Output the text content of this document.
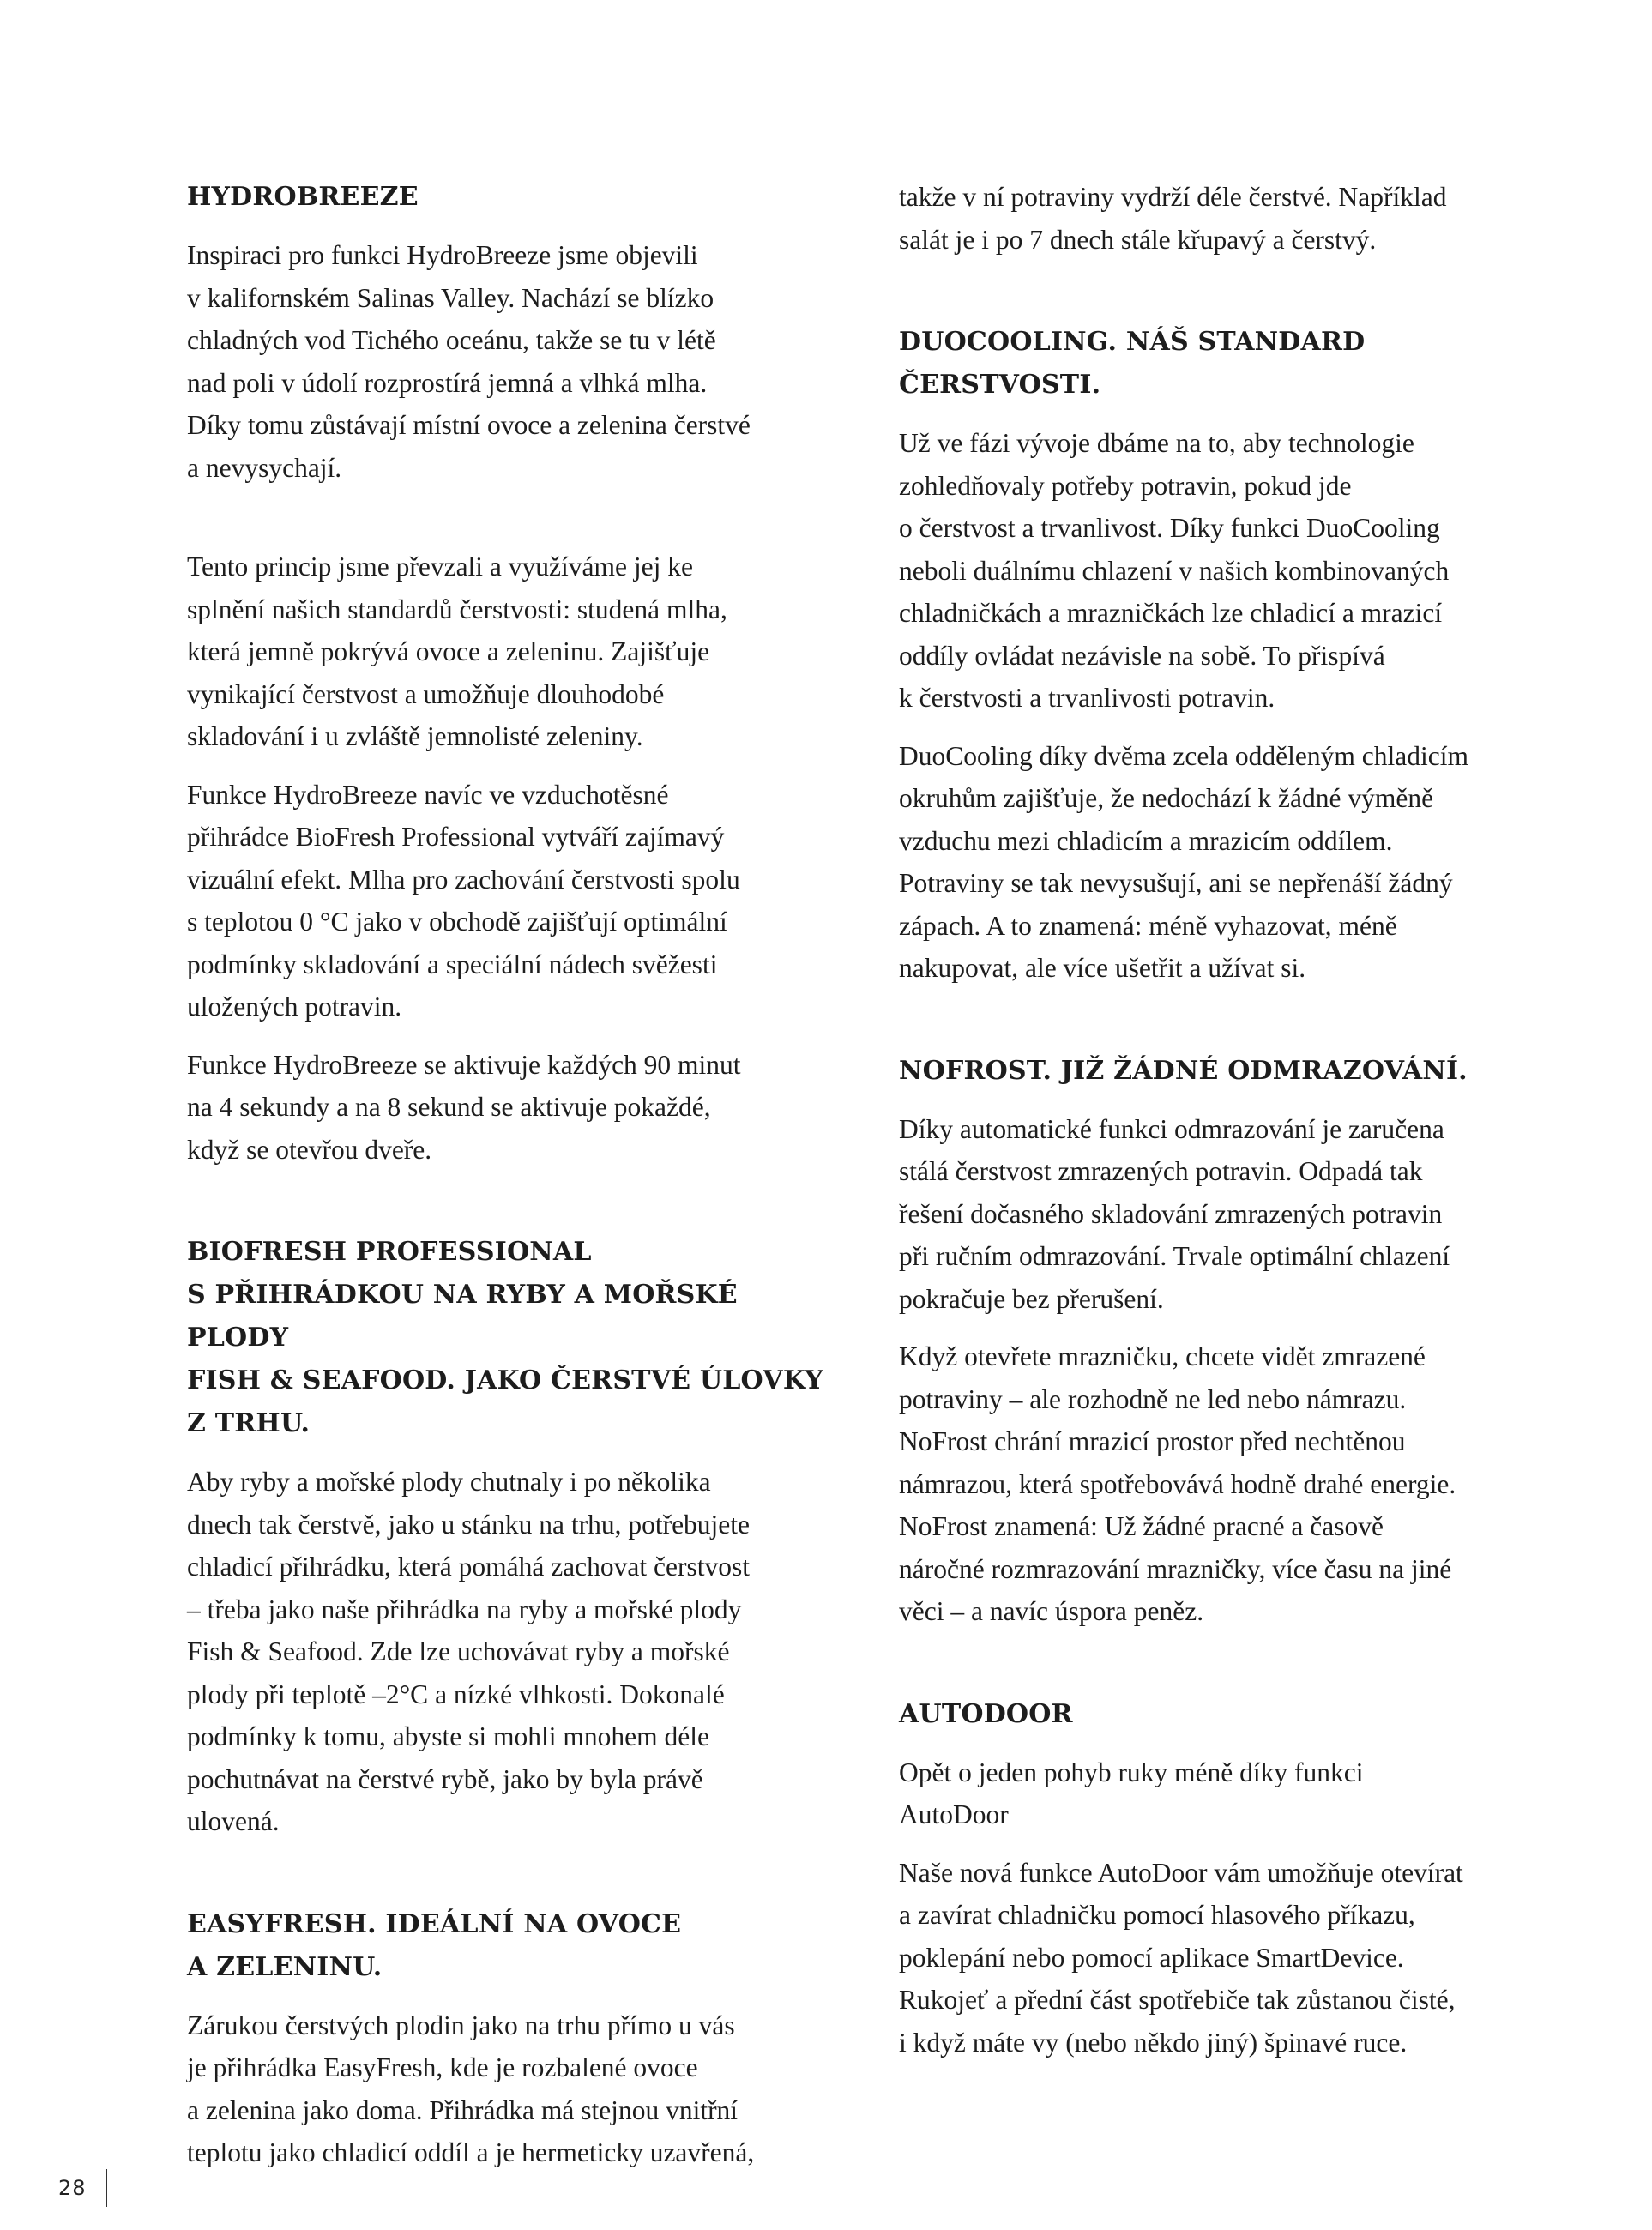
HYDROBREEZE
Inspiraci pro funkci HydroBreeze jsme objevili
v kalifornském Salinas Valley. Nachází se blízko
chladných vod Tichého oceánu, takže se tu v létě
nad poli v údolí rozprostírá jemná a vlhká mlha.
Díky tomu zůstávají místní ovoce a zelenina čerstvé
a nevysychají.
Tento princip jsme převzali a využíváme jej ke
splnění našich standardů čerstvosti: studená mlha,
která jemně pokrývá ovoce a zeleninu. Zajišťuje
vynikající čerstvost a umožňuje dlouhodobé
skladování i u zvláště jemnolisté zeleniny.
Funkce HydroBreeze navíc ve vzduchotěsné
přihrádce BioFresh Professional vytváří zajímavý
vizuální efekt. Mlha pro zachování čerstvosti spolu
s teplotou 0 °C jako v obchodě zajišťují optimální
podmínky skladování a speciální nádech svěžesti
uložených potravin.
Funkce HydroBreeze se aktivuje každých 90 minut
na 4 sekundy a na 8 sekund se aktivuje pokaždé,
když se otevřou dveře.
BIOFRESH PROFESSIONAL
S PŘIHRÁDKOU NA RYBY A MOŘSKÉ PLODY
FISH & SEAFOOD. JAKO ČERSTVÉ ÚLOVKY
Z TRHU.
Aby ryby a mořské plody chutnaly i po několika
dnech tak čerstvě, jako u stánku na trhu, potřebujete
chladicí přihrádku, která pomáhá zachovat čerstvost
– třeba jako naše přihrádka na ryby a mořské plody
Fish & Seafood. Zde lze uchovávat ryby a mořské
plody při teplotě –2°C a nízké vlhkosti. Dokonalé
podmínky k tomu, abyste si mohli mnohem déle
pochutnávat na čerstvé rybě, jako by byla právě
ulovená.
EASYFRESH. IDEÁLNÍ NA OVOCE
A ZELENINU.
Zárukou čerstvých plodin jako na trhu přímo u vás
je přihrádka EasyFresh, kde je rozbalené ovoce
a zelenina jako doma. Přihrádka má stejnou vnitřní
teplotu jako chladicí oddíl a je hermeticky uzavřená,
takže v ní potraviny vydrží déle čerstvé. Například
salát je i po 7 dnech stále křupavý a čerstvý.
DUOCOOLING. NÁŠ STANDARD
ČERSTVOSTI.
Už ve fázi vývoje dbáme na to, aby technologie
zohledňovaly potřeby potravin, pokud jde
o čerstvost a trvanlivost. Díky funkci DuoCooling
neboli duálnímu chlazení v našich kombinovaných
chladničkách a mrazničkách lze chladicí a mrazicí
oddíly ovládat nezávisle na sobě. To přispívá
k čerstvosti a trvanlivosti potravin.
DuoCooling díky dvěma zcela odděleným chladicím
okruhům zajišťuje, že nedochází k žádné výměně
vzduchu mezi chladicím a mrazicím oddílem.
Potraviny se tak nevysušují, ani se nepřenáší žádný
zápach. A to znamená: méně vyhazovat, méně
nakupovat, ale více ušetřit a užívat si.
NOFROST. JIŽ ŽÁDNÉ ODMRAZOVÁNÍ.
Díky automatické funkci odmrazování je zaručena
stálá čerstvost zmrazených potravin. Odpadá tak
řešení dočasného skladování zmrazených potravin
při ručním odmrazování. Trvale optimální chlazení
pokračuje bez přerušení.
Když otevřete mrazničku, chcete vidět zmrazené
potraviny – ale rozhodně ne led nebo námrazu.
NoFrost chrání mrazicí prostor před nechtěnou
námrazou, která spotřebovává hodně drahé energie.
NoFrost znamená: Už žádné pracné a časově
náročné rozmrazování mrazničky, více času na jiné
věci – a navíc úspora peněz.
AUTODOOR
Opět o jeden pohyb ruky méně díky funkci
AutoDoor
Naše nová funkce AutoDoor vám umožňuje otevírat
a zavírat chladničku pomocí hlasového příkazu,
poklepání nebo pomocí aplikace SmartDevice.
Rukojeť a přední část spotřebiče tak zůstanou čisté,
i když máte vy (nebo někdo jiný) špinavé ruce.
28
